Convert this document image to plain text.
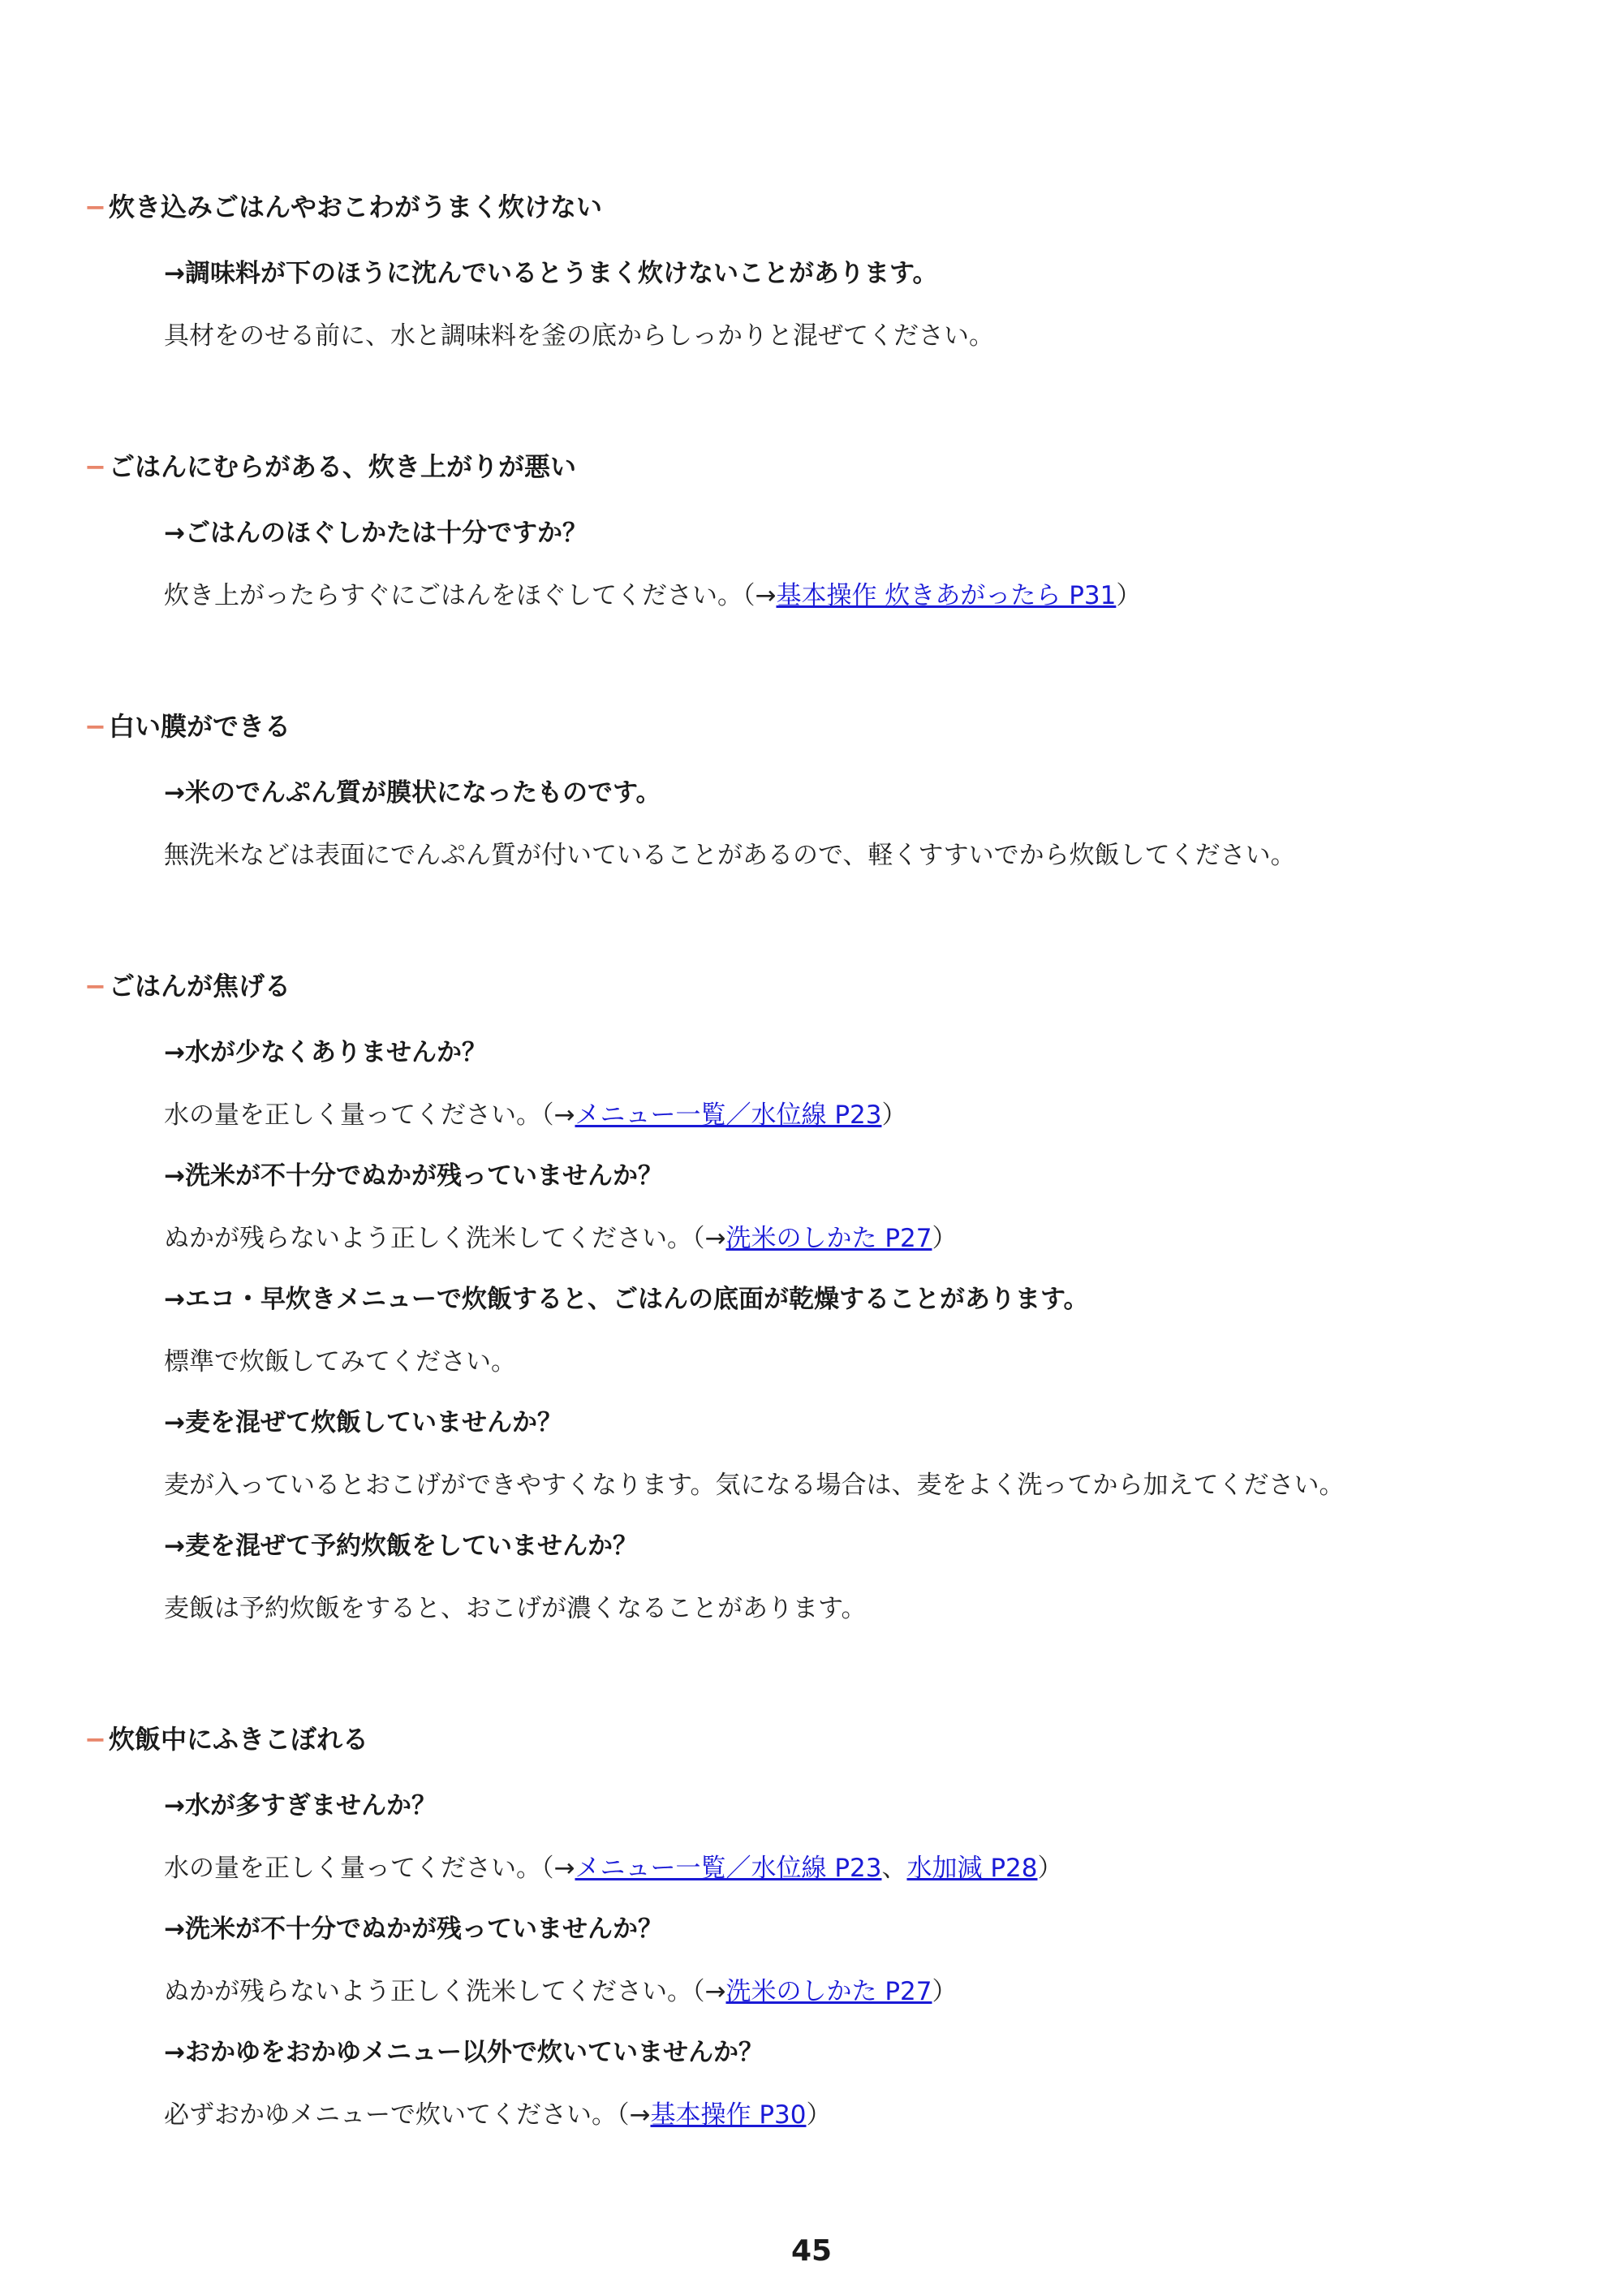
−炊き込みごはんやおこわがうまく炊けない
→調味料が下のほうに沈んでいるとうまく炊けないことがあります。
具材をのせる前に、水と調味料を釜の底からしっかりと混ぜてください。
−ごはんにむらがある、炊き上がりが悪い
→ごはんのほぐしかたは十分ですか？
炊き上がったらすぐにごはんをほぐしてください。（→基本操作 炊きあがったら P31）
−白い膜ができる
→米のでんぷん質が膜状になったものです。
無洗米などは表面にでんぷん質が付いていることがあるので、軽くすすいでから炊飯してください。
−ごはんが焦げる
→水が少なくありませんか？
水の量を正しく量ってください。（→メニュー一覧／水位線 P23）
→洗米が不十分でぬかが残っていませんか？
ぬかが残らないよう正しく洗米してください。（→洗米のしかた P27）
→エコ・早炊きメニューで炊飯すると、ごはんの底面が乾燥することがあります。
標準で炊飯してみてください。
→麦を混ぜて炊飯していませんか？
麦が入っているとおこげができやすくなります。気になる場合は、麦をよく洗ってから加えてください。
→麦を混ぜて予約炊飯をしていませんか？
麦飯は予約炊飯をすると、おこげが濃くなることがあります。
−炊飯中にふきこぼれる
→水が多すぎませんか？
水の量を正しく量ってください。（→メニュー一覧／水位線 P23、水加減 P28）
→洗米が不十分でぬかが残っていませんか？
ぬかが残らないよう正しく洗米してください。（→洗米のしかた P27）
→おかゆをおかゆメニュー以外で炊いていませんか？
必ずおかゆメニューで炊いてください。（→基本操作 P30）
45
